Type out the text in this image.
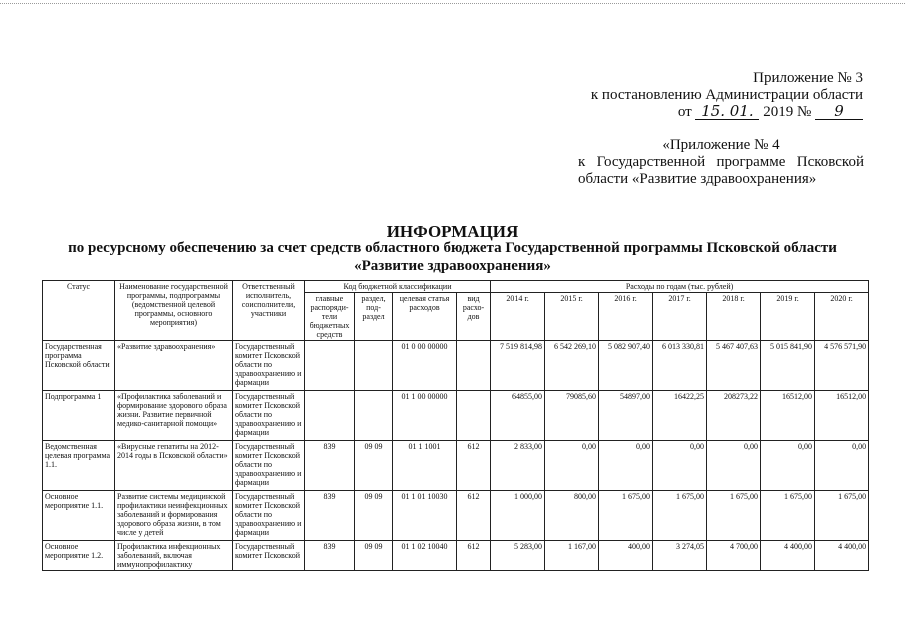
Приложение № 3
к постановлению Администрации области
от 15. 01. 2019 № 9
«Приложение № 4
к Государственной программе Псковской
области «Развитие здравоохранения»
ИНФОРМАЦИЯ
по ресурсному обеспечению за счет средств областного бюджета Государственной программы Псковской области
«Развитие здравоохранения»
Статус	Наименование государственной программы, подпрограммы (ведомственной целевой программы, основного мероприятия)	Ответственный исполнитель, соисполнители, участники	Код бюджетной классификации				Расходы по годам (тыс. рублей)						
			главные распоряди-тели бюджетных средств	раздел, под-раздел	целевая статья расходов	вид расхо-дов	2014 г.	2015 г.	2016 г.	2017 г.	2018 г.	2019 г.	2020 г.
Государственная программа Псковской области	«Развитие здравоохранения»	Государственный комитет Псковской области по здравоохранению и фармации			01 0 00 00000		7 519 814,98	6 542 269,10	5 082 907,40	6 013 330,81	5 467 407,63	5 015 841,90	4 576 571,90
Подпрограмма 1	«Профилактика заболеваний и формирование здорового образа жизни. Развитие первичной медико-санитарной помощи»	Государственный комитет Псковской области по здравоохранению и фармации			01 1 00 00000		64855,00	79085,60	54897,00	16422,25	208273,22	16512,00	16512,00
Ведомственная целевая программа 1.1.	«Вирусные гепатиты на 2012-2014 годы в Псковской области»	Государственный комитет Псковской области по здравоохранению и фармации	839	09 09	01 1 1001	612	2 833,00	0,00	0,00	0,00	0,00	0,00	0,00
Основное мероприятие 1.1.	Развитие системы медицинской профилактики неинфекционных заболеваний и формирования здорового образа жизни, в том числе у детей	Государственный комитет Псковской области по здравоохранению и фармации	839	09 09	01 1 01 10030	612	1 000,00	800,00	1 675,00	1 675,00	1 675,00	1 675,00	1 675,00
Основное мероприятие 1.2.	Профилактика инфекционных заболеваний, включая иммунопрофилактику	Государственный комитет Псковской	839	09 09	01 1 02 10040	612	5 283,00	1 167,00	400,00	3 274,05	4 700,00	4 400,00	4 400,00
